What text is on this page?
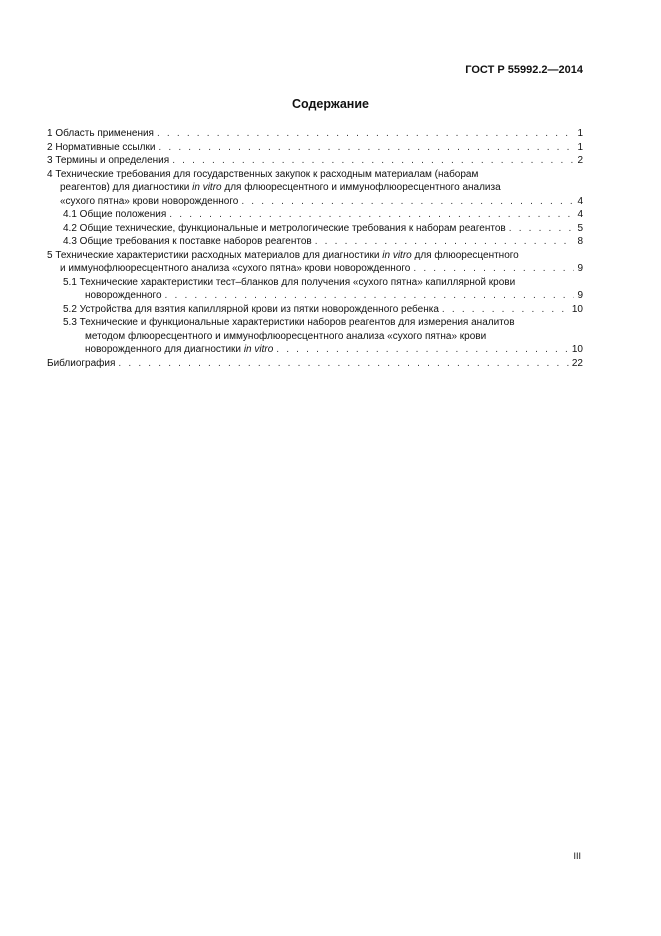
ГОСТ Р 55992.2—2014
Содержание
1 Область применения . . .	1
2 Нормативные ссылки . . .	1
3 Термины и определения . . .	2
4 Технические требования для государственных закупок к расходным материалам (наборам
реагентов) для диагностики in vitro для флюоресцентного и иммунофлюоресцентного анализа
«сухого пятна» крови новорожденного . . .	4
4.1 Общие положения . . .	4
4.2 Общие технические, функциональные и метрологические требования к наборам реагентов . . .	5
4.3 Общие требования к поставке наборов реагентов . . .	8
5 Технические характеристики расходных материалов для диагностики in vitro для флюоресцентного
и иммунофлюоресцентного анализа «сухого пятна» крови новорожденного . . .	9
5.1 Технические характеристики тест–бланков для получения «сухого пятна» капиллярной крови
новорожденного . . .	9
5.2 Устройства для взятия капиллярной крови из пятки новорожденного ребенка . . .	10
5.3 Технические и функциональные характеристики наборов реагентов для измерения аналитов
методом флюоресцентного и иммунофлюоресцентного анализа «сухого пятна» крови
новорожденного для диагностики in vitro . . .	10
Библиография . . .	22
III
